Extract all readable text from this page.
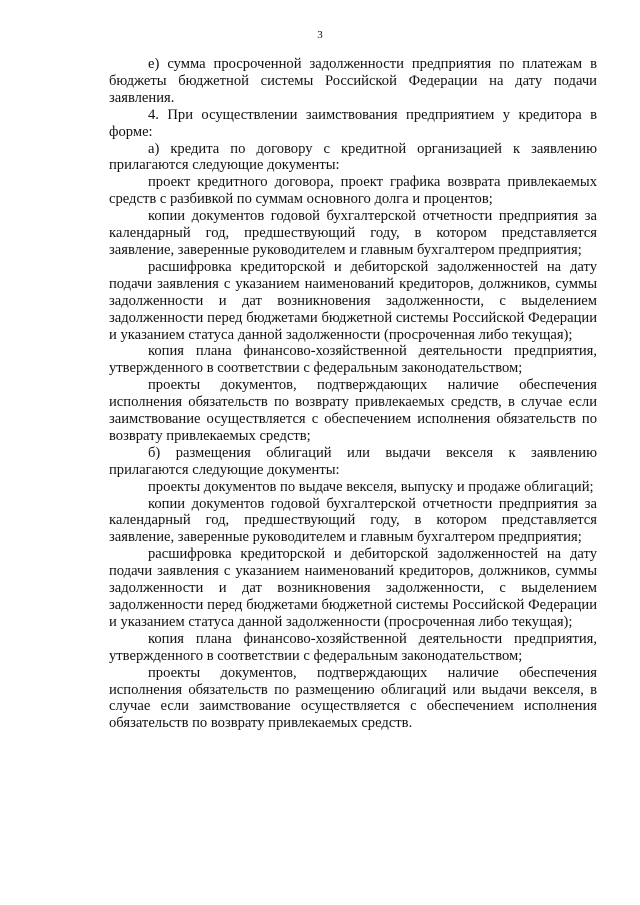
3

е) сумма просроченной задолженности предприятия по платежам в бюджеты бюджетной системы Российской Федерации на дату подачи заявления.

4. При осуществлении заимствования предприятием у кредитора в форме:

а) кредита по договору с кредитной организацией к заявлению прилагаются следующие документы:

проект кредитного договора, проект графика возврата привлекаемых средств с разбивкой по суммам основного долга и процентов;

копии документов годовой бухгалтерской отчетности предприятия за календарный год, предшествующий году, в котором представляется заявление, заверенные руководителем и главным бухгалтером предприятия;

расшифровка кредиторской и дебиторской задолженностей на дату подачи заявления с указанием наименований кредиторов, должников, суммы задолженности и дат возникновения задолженности, с выделением задолженности перед бюджетами бюджетной системы Российской Федерации и указанием статуса данной задолженности (просроченная либо текущая);

копия плана финансово-хозяйственной деятельности предприятия, утвержденного в соответствии с федеральным законодательством;

проекты документов, подтверждающих наличие обеспечения исполнения обязательств по возврату привлекаемых средств, в случае если заимствование осуществляется с обеспечением исполнения обязательств по возврату привлекаемых средств;

б) размещения облигаций или выдачи векселя к заявлению прилагаются следующие документы:

проекты документов по выдаче векселя, выпуску и продаже облигаций;

копии документов годовой бухгалтерской отчетности предприятия за календарный год, предшествующий году, в котором представляется заявление, заверенные руководителем и главным бухгалтером предприятия;

расшифровка кредиторской и дебиторской задолженностей на дату подачи заявления с указанием наименований кредиторов, должников, суммы задолженности и дат возникновения задолженности, с выделением задолженности перед бюджетами бюджетной системы Российской Федерации и указанием статуса данной задолженности (просроченная либо текущая);

копия плана финансово-хозяйственной деятельности предприятия, утвержденного в соответствии с федеральным законодательством;

проекты документов, подтверждающих наличие обеспечения исполнения обязательств по размещению облигаций или выдачи векселя, в случае если заимствование осуществляется с обеспечением исполнения обязательств по возврату привлекаемых средств.
